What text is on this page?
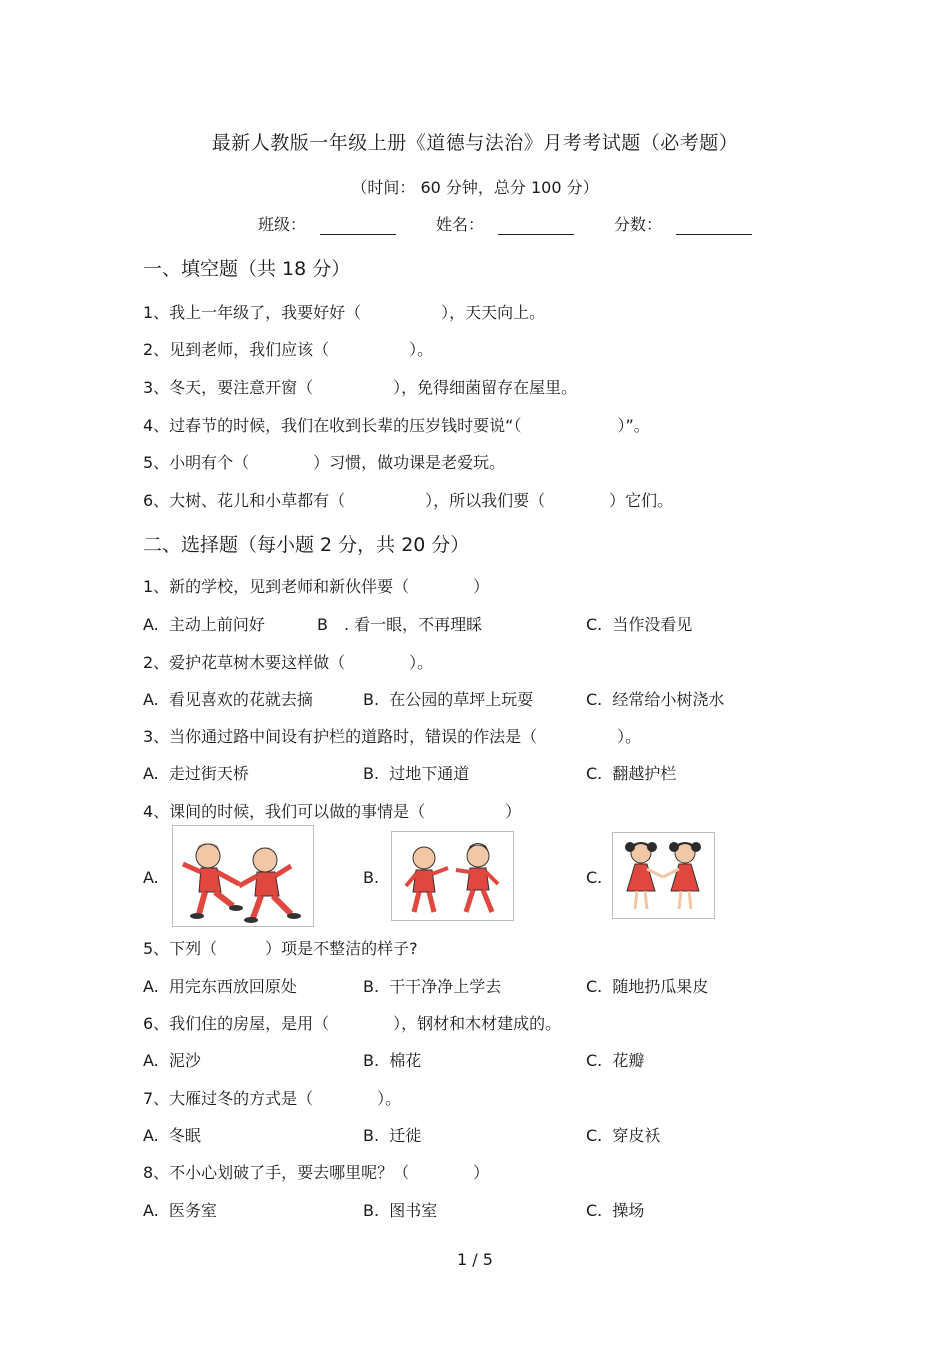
最新人教版一年级上册《道德与法治》月考考试题（必考题）
（时间： 60 分钟，总分 100 分）
班级：	姓名：	分数：
一、填空题（共 18 分）
1、我上一年级了，我要好好（　　　　　），天天向上。
2、见到老师，我们应该（　　　　　）。
3、冬天，要注意开窗（　　　　　），免得细菌留存在屋里。
4、过春节的时候，我们在收到长辈的压岁钱时要说“（　　　　　　）”。
5、小明有个（　　　　）习惯，做功课是老爱玩。
6、大树、花儿和小草都有（　　　　　），所以我们要（　　　　）它们。
二、选择题（每小题 2 分，共 20 分）
1、新的学校，见到老师和新伙伴要（　　　　）
A.  主动上前问好	B　. 看一眼，不再理睬	C.  当作没看见
2、爱护花草树木要这样做（　　　　）。
A.  看见喜欢的花就去摘	B.  在公园的草坪上玩耍	C.  经常给小树浇水
3、当你通过路中间设有护栏的道路时，错误的作法是（　　　　　）。
A.  走过街天桥	B.  过地下通道	C.  翻越护栏
4、课间的时候，我们可以做的事情是（　　　　　）
A.	B.	C.
5、下列（　　　）项是不整洁的样子?
A.  用完东西放回原处	B.  干干净净上学去	C.  随地扔瓜果皮
6、我们住的房屋，是用（　　　　），钢材和木材建成的。
A.  泥沙	B.  棉花	C.  花瓣
7、大雁过冬的方式是（　　　　）。
A.  冬眠	B.  迁徙	C.  穿皮袄
8、不小心划破了手，要去哪里呢？（　　　　）
A.  医务室	B.  图书室	C.  操场
1 / 5
